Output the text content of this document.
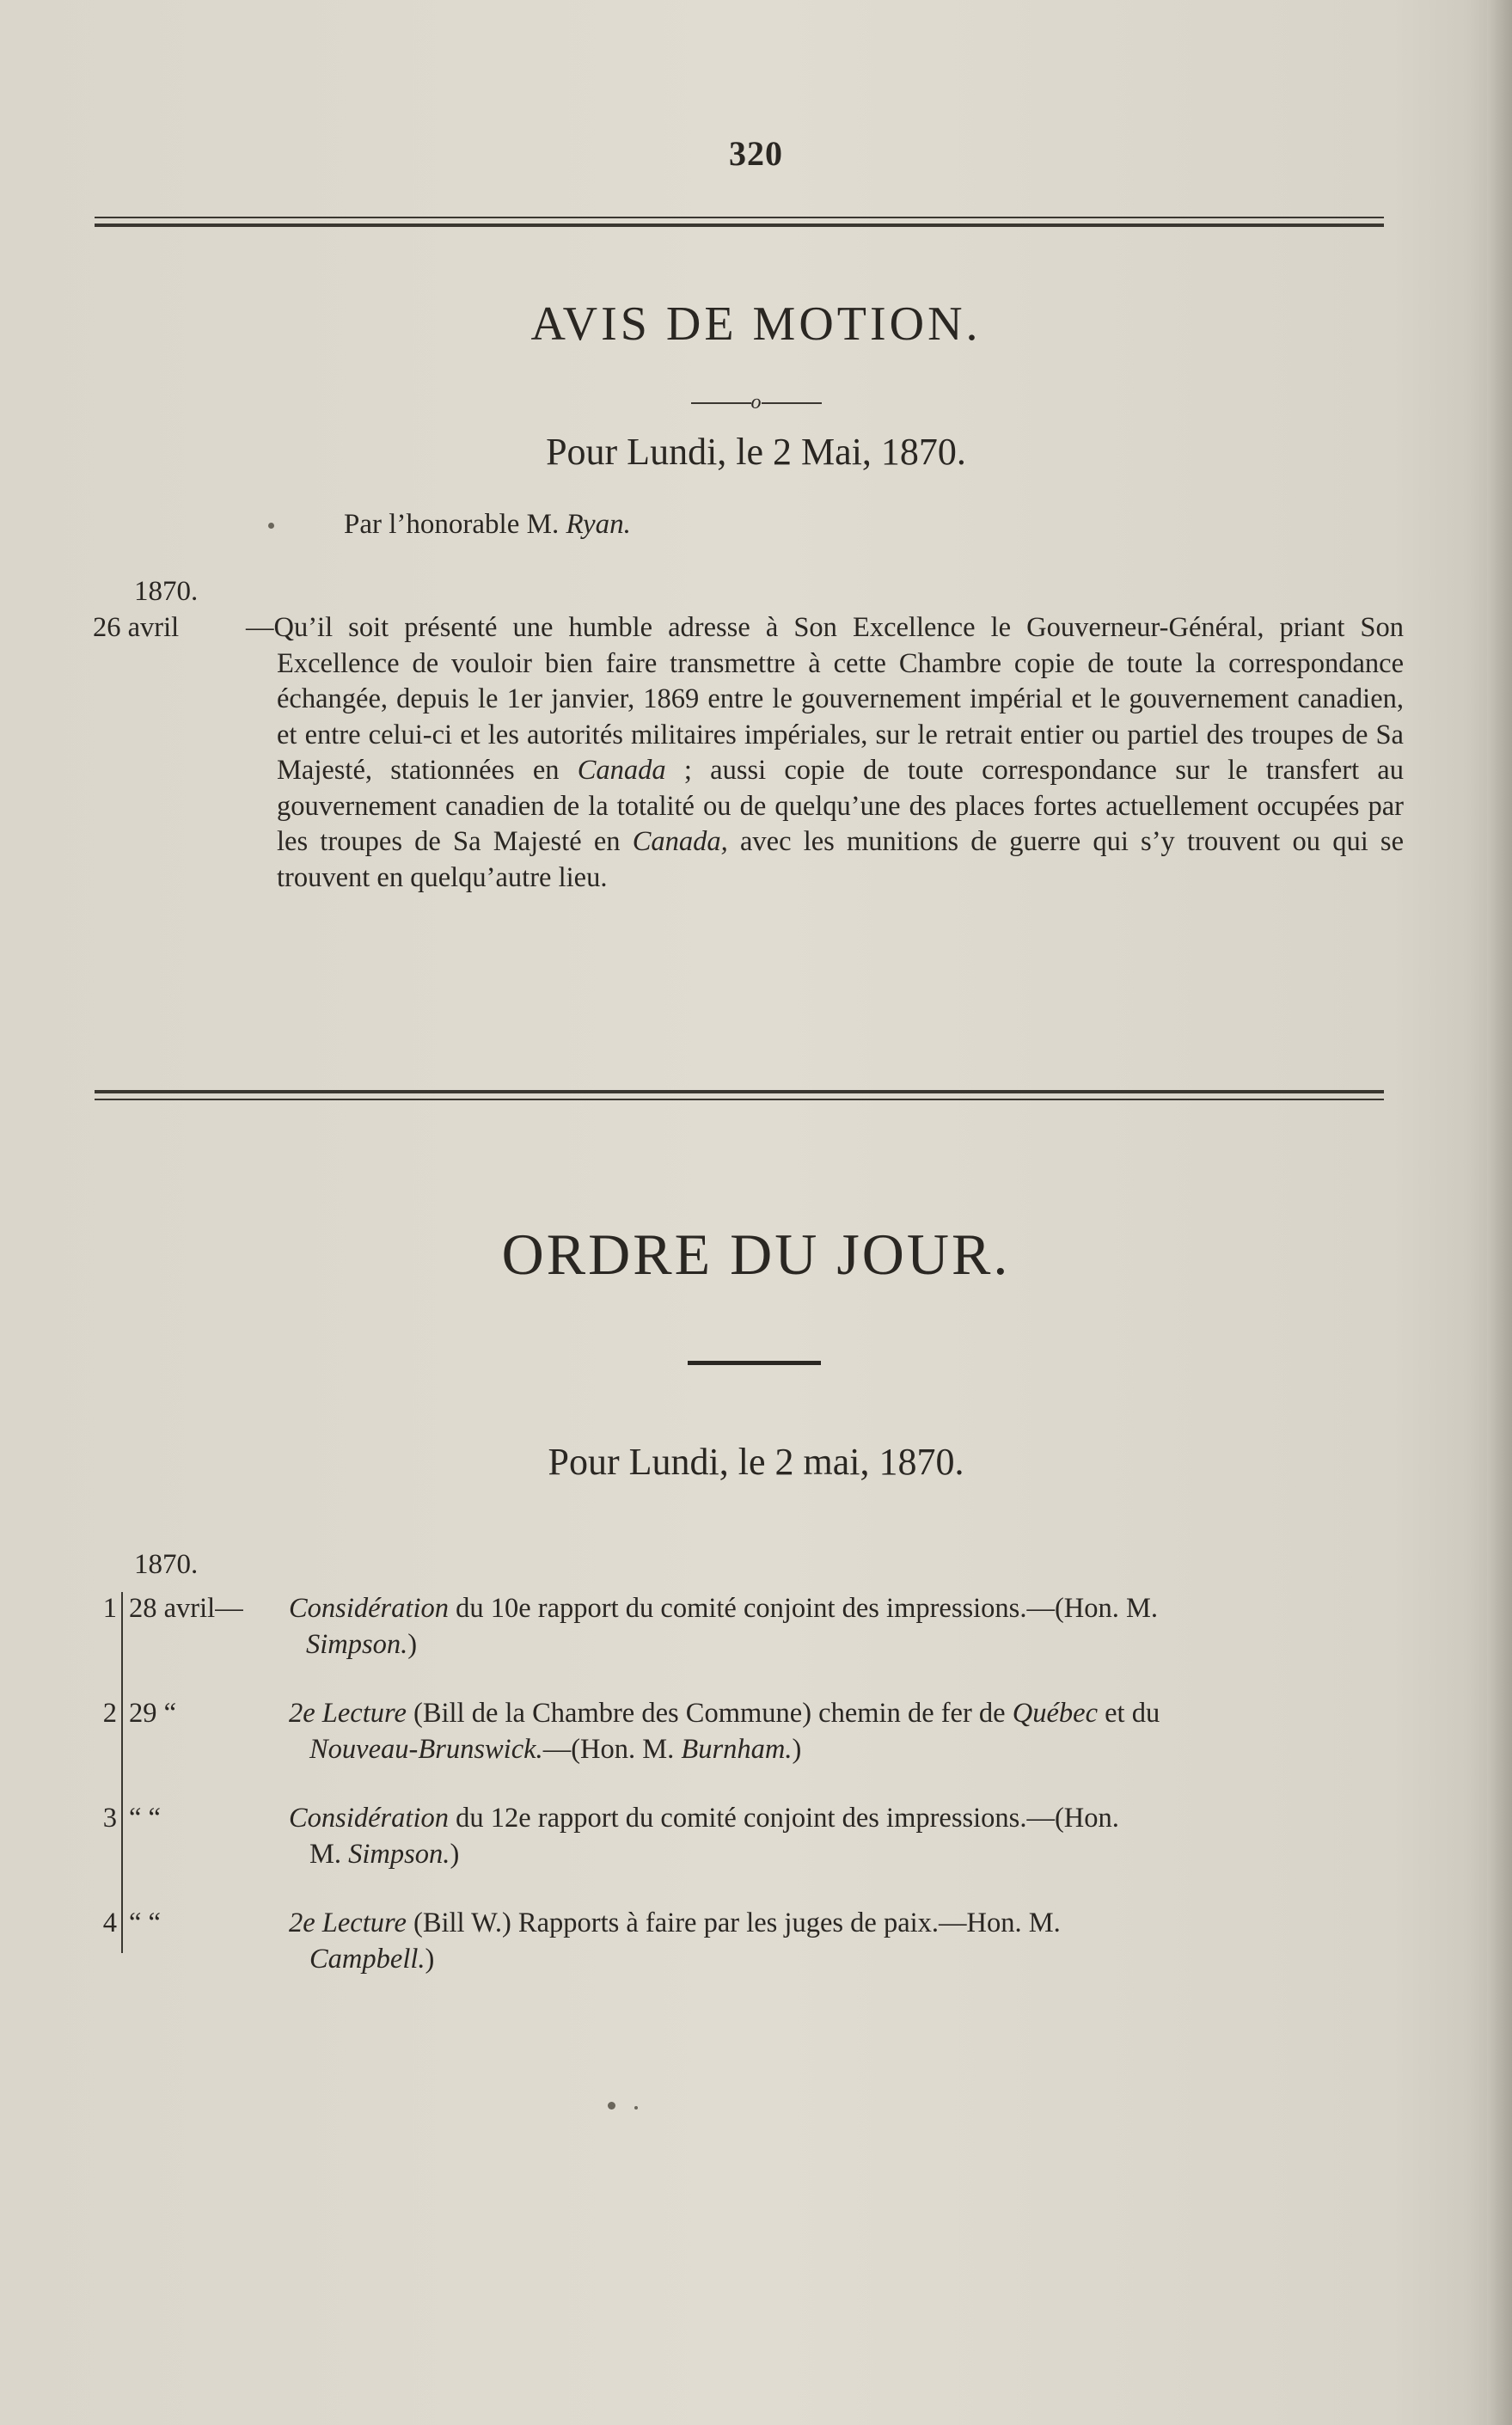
320
AVIS DE MOTION.
o
Pour Lundi, le 2 Mai, 1870.
Par l’honorable M. Ryan.
1870.
26 avril —Qu’il soit présenté une humble adresse à Son Excellence le Gouverneur-Général, priant Son Excellence de vouloir bien faire transmettre à cette Chambre copie de toute la correspondance échangée, depuis le 1er janvier, 1869 entre le gouvernement impérial et le gouvernement canadien, et entre celui-ci et les autorités militaires impériales, sur le retrait entier ou partiel des troupes de Sa Majesté, stationnées en Canada ; aussi copie de toute correspondance sur le transfert au gouvernement canadien de la totalité ou de quelqu’une des places fortes actuellement occupées par les troupes de Sa Majesté en Canada, avec les munitions de guerre qui s’y trouvent ou qui se trouvent en quelqu’autre lieu.
ORDRE DU JOUR.
Pour Lundi, le 2 mai, 1870.
1870.
1 28 avril—	Considération du 10e rapport du comité conjoint des impressions.—(Hon. M.
Simpson.)
2 29 “	2e Lecture (Bill de la Chambre des Commune) chemin de fer de Québec et du
Nouveau-Brunswick.—(Hon. M. Burnham.)
3 “ “	Considération du 12e rapport du comité conjoint des impressions.—(Hon.
M. Simpson.)
4 “ “	2e Lecture (Bill W.) Rapports à faire par les juges de paix.—Hon. M.
Campbell.)
